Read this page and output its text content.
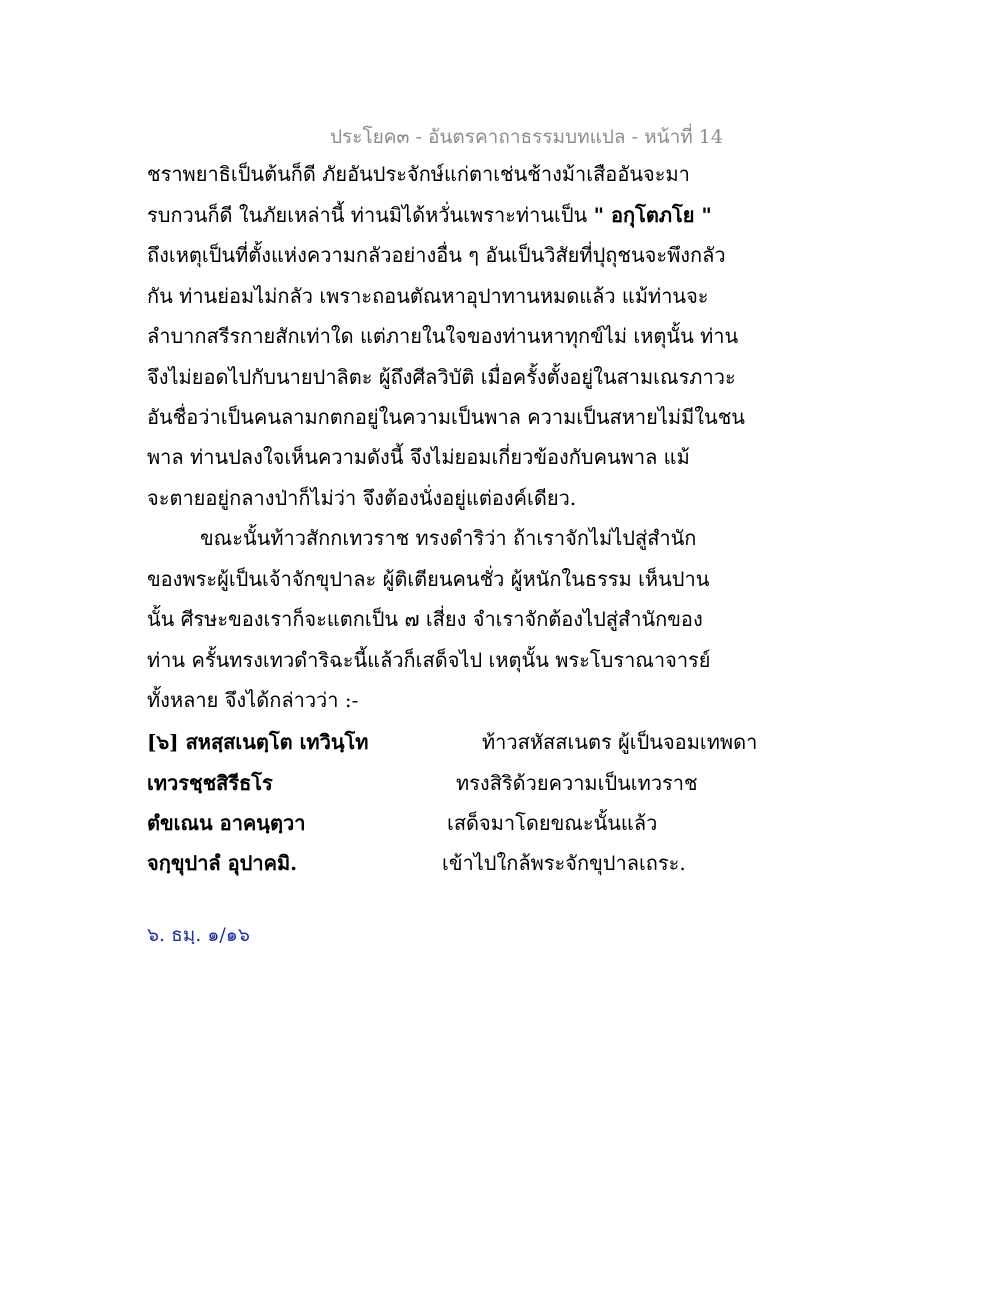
ประโยค๓ - อันตรคาถาธรรมบทแปล - หน้าที่ 14
ชราพยาธิเป็นต้นก็ดี ภัยอันประจักษ์แก่ตาเช่นช้างม้าเสืออันจะมา
รบกวนก็ดี ในภัยเหล่านี้ ท่านมิได้หวั่นเพราะท่านเป็น " อกุโตภโย "
ถึงเหตุเป็นที่ตั้งแห่งความกลัวอย่างอื่น ๆ อันเป็นวิสัยที่ปุถุชนจะพึงกลัว
กัน ท่านย่อมไม่กลัว เพราะถอนตัณหาอุปาทานหมดแล้ว แม้ท่านจะ
ลำบากสรีรกายสักเท่าใด แต่ภายในใจของท่านหาทุกข์ไม่ เหตุนั้น ท่าน
จึงไม่ยอดไปกับนายปาลิตะ ผู้ถึงศีลวิบัติ เมื่อครั้งตั้งอยู่ในสามเณรภาวะ
อันชื่อว่าเป็นคนลามกตกอยู่ในความเป็นพาล ความเป็นสหายไม่มีในชน
พาล ท่านปลงใจเห็นความดังนี้ จึงไม่ยอมเกี่ยวข้องกับคนพาล แม้
จะตายอยู่กลางป่าก็ไม่ว่า จึงต้องนั่งอยู่แต่องค์เดียว.
ขณะนั้นท้าวสักกเทวราช ทรงดำริว่า ถ้าเราจักไม่ไปสู่สำนัก
ของพระผู้เป็นเจ้าจักขุปาละ ผู้ติเตียนคนชั่ว ผู้หนักในธรรม เห็นปาน
นั้น ศีรษะของเราก็จะแตกเป็น ๗ เสี่ยง จำเราจักต้องไปสู่สำนักของ
ท่าน ครั้นทรงเทวดำริฉะนี้แล้วก็เสด็จไป เหตุนั้น พระโบราณาจารย์
ทั้งหลาย จึงได้กล่าวว่า :-
[๖] สหสฺสเนตฺโต เทวินฺโท	ท้าวสหัสสเนตร ผู้เป็นจอมเทพดา
เทวรชฺชสิรีธโร	ทรงสิริด้วยความเป็นเทวราช
ตํขเณน อาคนฺตฺวา	เสด็จมาโดยขณะนั้นแล้ว
จกฺขุปาลํ อุปาคมิ.	เข้าไปใกล้พระจักขุปาลเถระ.
๖. ธมฺ. ๑/๑๖
